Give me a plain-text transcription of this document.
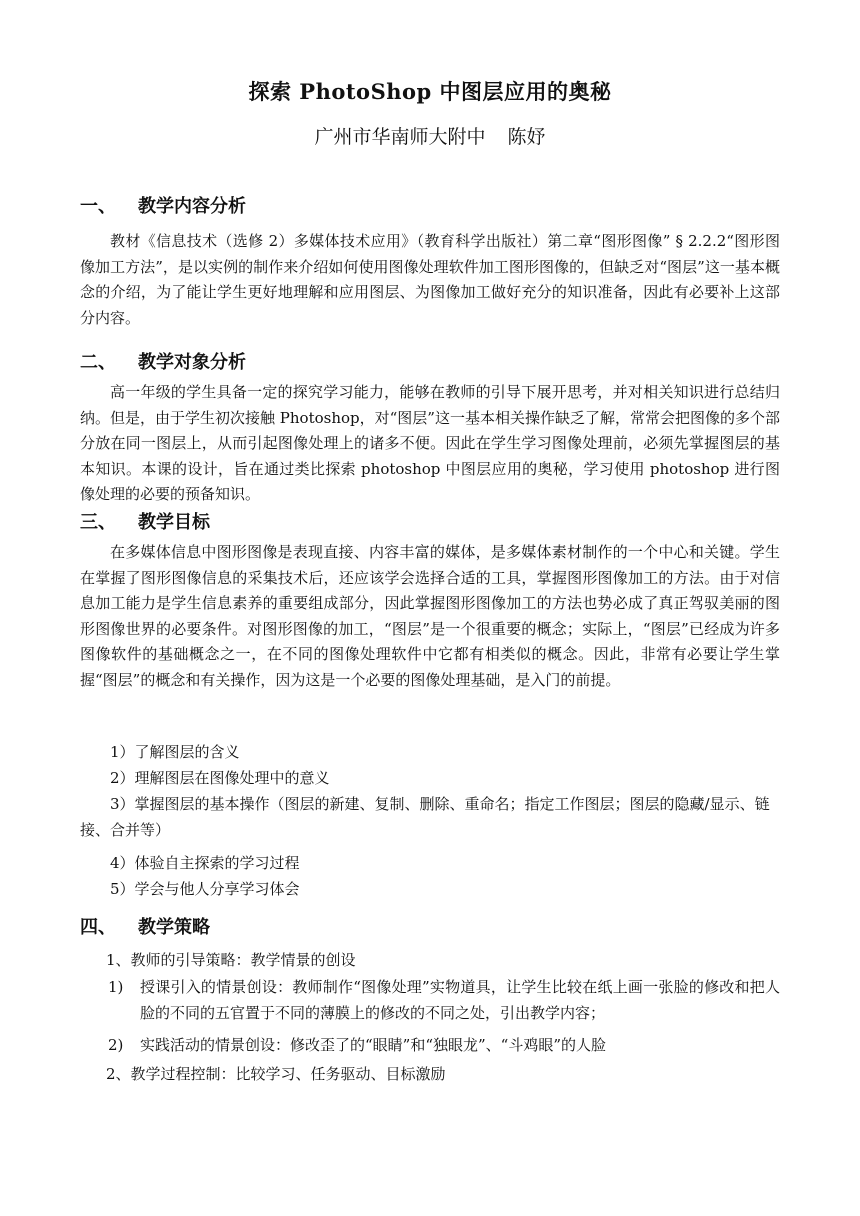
探索 PhotoShop 中图层应用的奥秘
广州市华南师大附中 陈妤
一、 教学内容分析
教材《信息技术（选修 2）多媒体技术应用》（教育科学出版社）第二章“图形图像” § 2.2.2“图形图像加工方法”，是以实例的制作来介绍如何使用图像处理软件加工图形图像的，但缺乏对“图层”这一基本概念的介绍，为了能让学生更好地理解和应用图层、为图像加工做好充分的知识准备，因此有必要补上这部分内容。
二、 教学对象分析
高一年级的学生具备一定的探究学习能力，能够在教师的引导下展开思考，并对相关知识进行总结归纳。但是，由于学生初次接触 Photoshop，对“图层”这一基本相关操作缺乏了解，常常会把图像的多个部分放在同一图层上，从而引起图像处理上的诸多不便。因此在学生学习图像处理前，必须先掌握图层的基本知识。本课的设计，旨在通过类比探索 photoshop 中图层应用的奥秘，学习使用 photoshop 进行图像处理的必要的预备知识。
三、 教学目标
在多媒体信息中图形图像是表现直接、内容丰富的媒体，是多媒体素材制作的一个中心和关键。学生在掌握了图形图像信息的采集技术后，还应该学会选择合适的工具，掌握图形图像加工的方法。由于对信息加工能力是学生信息素养的重要组成部分，因此掌握图形图像加工的方法也势必成了真正驾驭美丽的图形图像世界的必要条件。对图形图像的加工，“图层”是一个很重要的概念；实际上，“图层”已经成为许多图像软件的基础概念之一，在不同的图像处理软件中它都有相类似的概念。因此，非常有必要让学生掌握“图层”的概念和有关操作，因为这是一个必要的图像处理基础，是入门的前提。
1）了解图层的含义
2）理解图层在图像处理中的意义
3）掌握图层的基本操作（图层的新建、复制、删除、重命名；指定工作图层；图层的隐藏/显示、链接、合并等）
4）体验自主探索的学习过程
5）学会与他人分享学习体会
四、 教学策略
1、教师的引导策略：教学情景的创设
1) 授课引入的情景创设：教师制作“图像处理”实物道具，让学生比较在纸上画一张脸的修改和把人脸的不同的五官置于不同的薄膜上的修改的不同之处，引出教学内容；
2) 实践活动的情景创设：修改歪了的“眼睛”和“独眼龙”、“斗鸡眼”的人脸
2、教学过程控制：比较学习、任务驱动、目标激励
